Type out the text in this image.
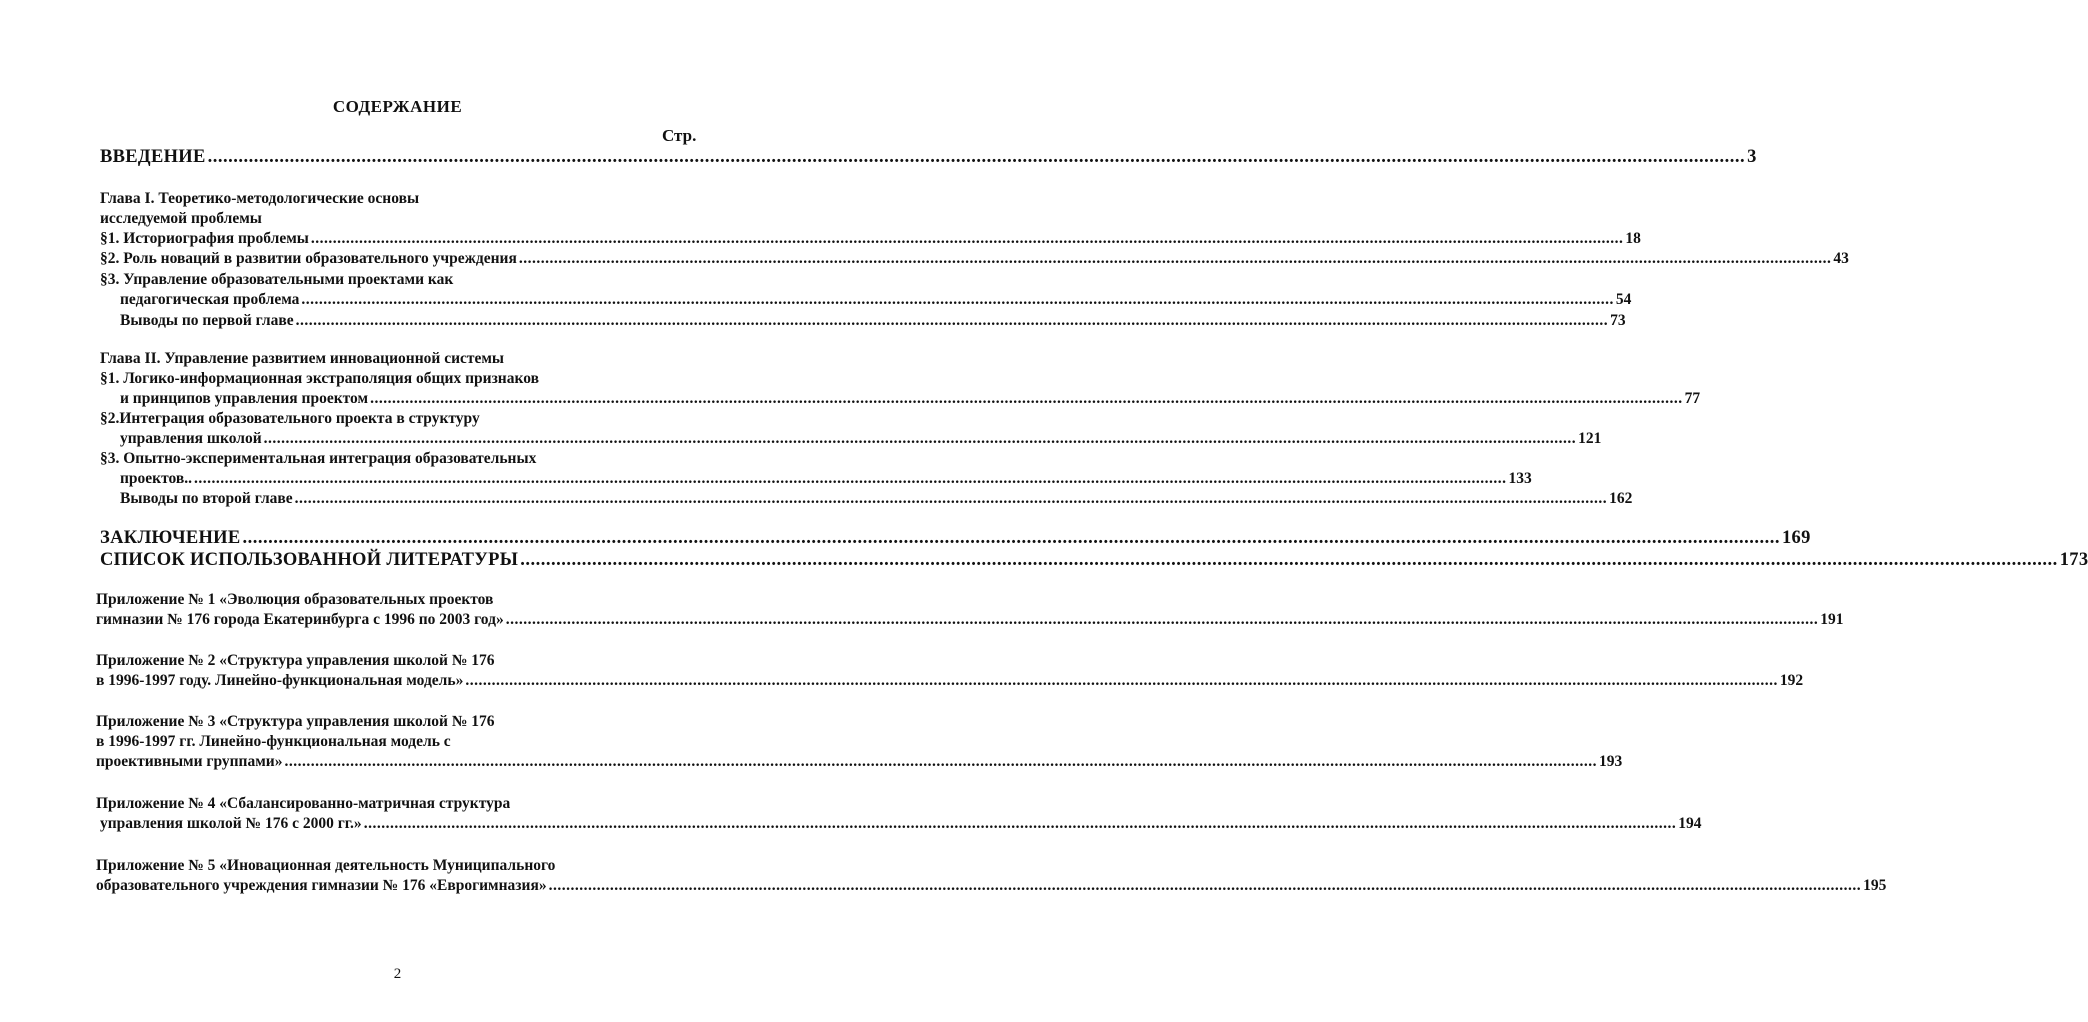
СОДЕРЖАНИЕ
Стр.
ВВЕДЕНИЕ ............................................................................................................................................................................................................................................................................................................ 3
Глава I. Теоретико-методологические основы
исследуемой проблемы
§1. Историография проблемы ............................................................................................................................................................................................................................................................................................................ 18
§2. Роль новаций в развитии образовательного учреждения ............................................................................................................................................................................................................................................................................................................ 43
§3. Управление образовательными проектами как
педагогическая проблема ............................................................................................................................................................................................................................................................................................................ 54
Выводы по первой главе ............................................................................................................................................................................................................................................................................................................ 73
Глава II. Управление развитием инновационной системы
§1. Логико-информационная экстраполяция общих признаков
и принципов управления проектом ............................................................................................................................................................................................................................................................................................................ 77
§2.Интеграция образовательного проекта в структуру
управления школой ............................................................................................................................................................................................................................................................................................................ 121
§3. Опытно-экспериментальная интеграция образовательных
проектов.. ............................................................................................................................................................................................................................................................................................................ 133
Выводы по второй главе ............................................................................................................................................................................................................................................................................................................ 162
ЗАКЛЮЧЕНИЕ ............................................................................................................................................................................................................................................................................................................ 169
СПИСОК ИСПОЛЬЗОВАННОЙ ЛИТЕРАТУРЫ ............................................................................................................................................................................................................................................................................................................ 173
Приложение № 1 «Эволюция образовательных проектов
гимназии № 176 города Екатеринбурга с 1996 по 2003 год» ............................................................................................................................................................................................................................................................................................................ 191
Приложение № 2 «Структура управления школой № 176
в 1996-1997 году. Линейно-функциональная модель» ............................................................................................................................................................................................................................................................................................................ 192
Приложение № 3 «Структура управления школой № 176
в 1996-1997 гг. Линейно-функциональная модель с
проективными группами» ............................................................................................................................................................................................................................................................................................................ 193
Приложение № 4 «Сбалансированно-матричная структура
управления школой № 176 с 2000 гг.» ............................................................................................................................................................................................................................................................................................................ 194
Приложение № 5 «Иновационная деятельность Муниципального
образовательного учреждения гимназии № 176 «Еврогимназия» ............................................................................................................................................................................................................................................................................................................ 195
2
